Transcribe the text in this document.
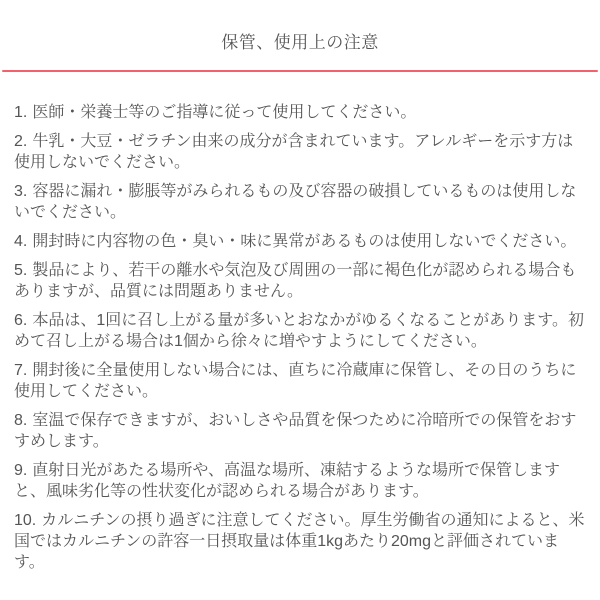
保管、使用上の注意

1. 医師・栄養士等のご指導に従って使用してください。

2. 牛乳・大豆・ゼラチン由来の成分が含まれています。アレルギーを示す方は使用しないでください。

3. 容器に漏れ・膨脹等がみられるもの及び容器の破損しているものは使用しないでください。

4. 開封時に内容物の色・臭い・味に異常があるものは使用しないでください。

5. 製品により、若干の離水や気泡及び周囲の一部に褐色化が認められる場合もありますが、品質には問題ありません。

6. 本品は、1回に召し上がる量が多いとおなかがゆるくなることがあります。初めて召し上がる場合は1個から徐々に増やすようにしてください。

7. 開封後に全量使用しない場合には、直ちに冷蔵庫に保管し、その日のうちに使用してください。

8. 室温で保存できますが、おいしさや品質を保つために冷暗所での保管をおすすめします。

9. 直射日光があたる場所や、高温な場所、凍結するような場所で保管しますと、風味劣化等の性状変化が認められる場合があります。

10. カルニチンの摂り過ぎに注意してください。厚生労働省の通知によると、米国ではカルニチンの許容一日摂取量は体重1kgあたり20mgと評価されています。
